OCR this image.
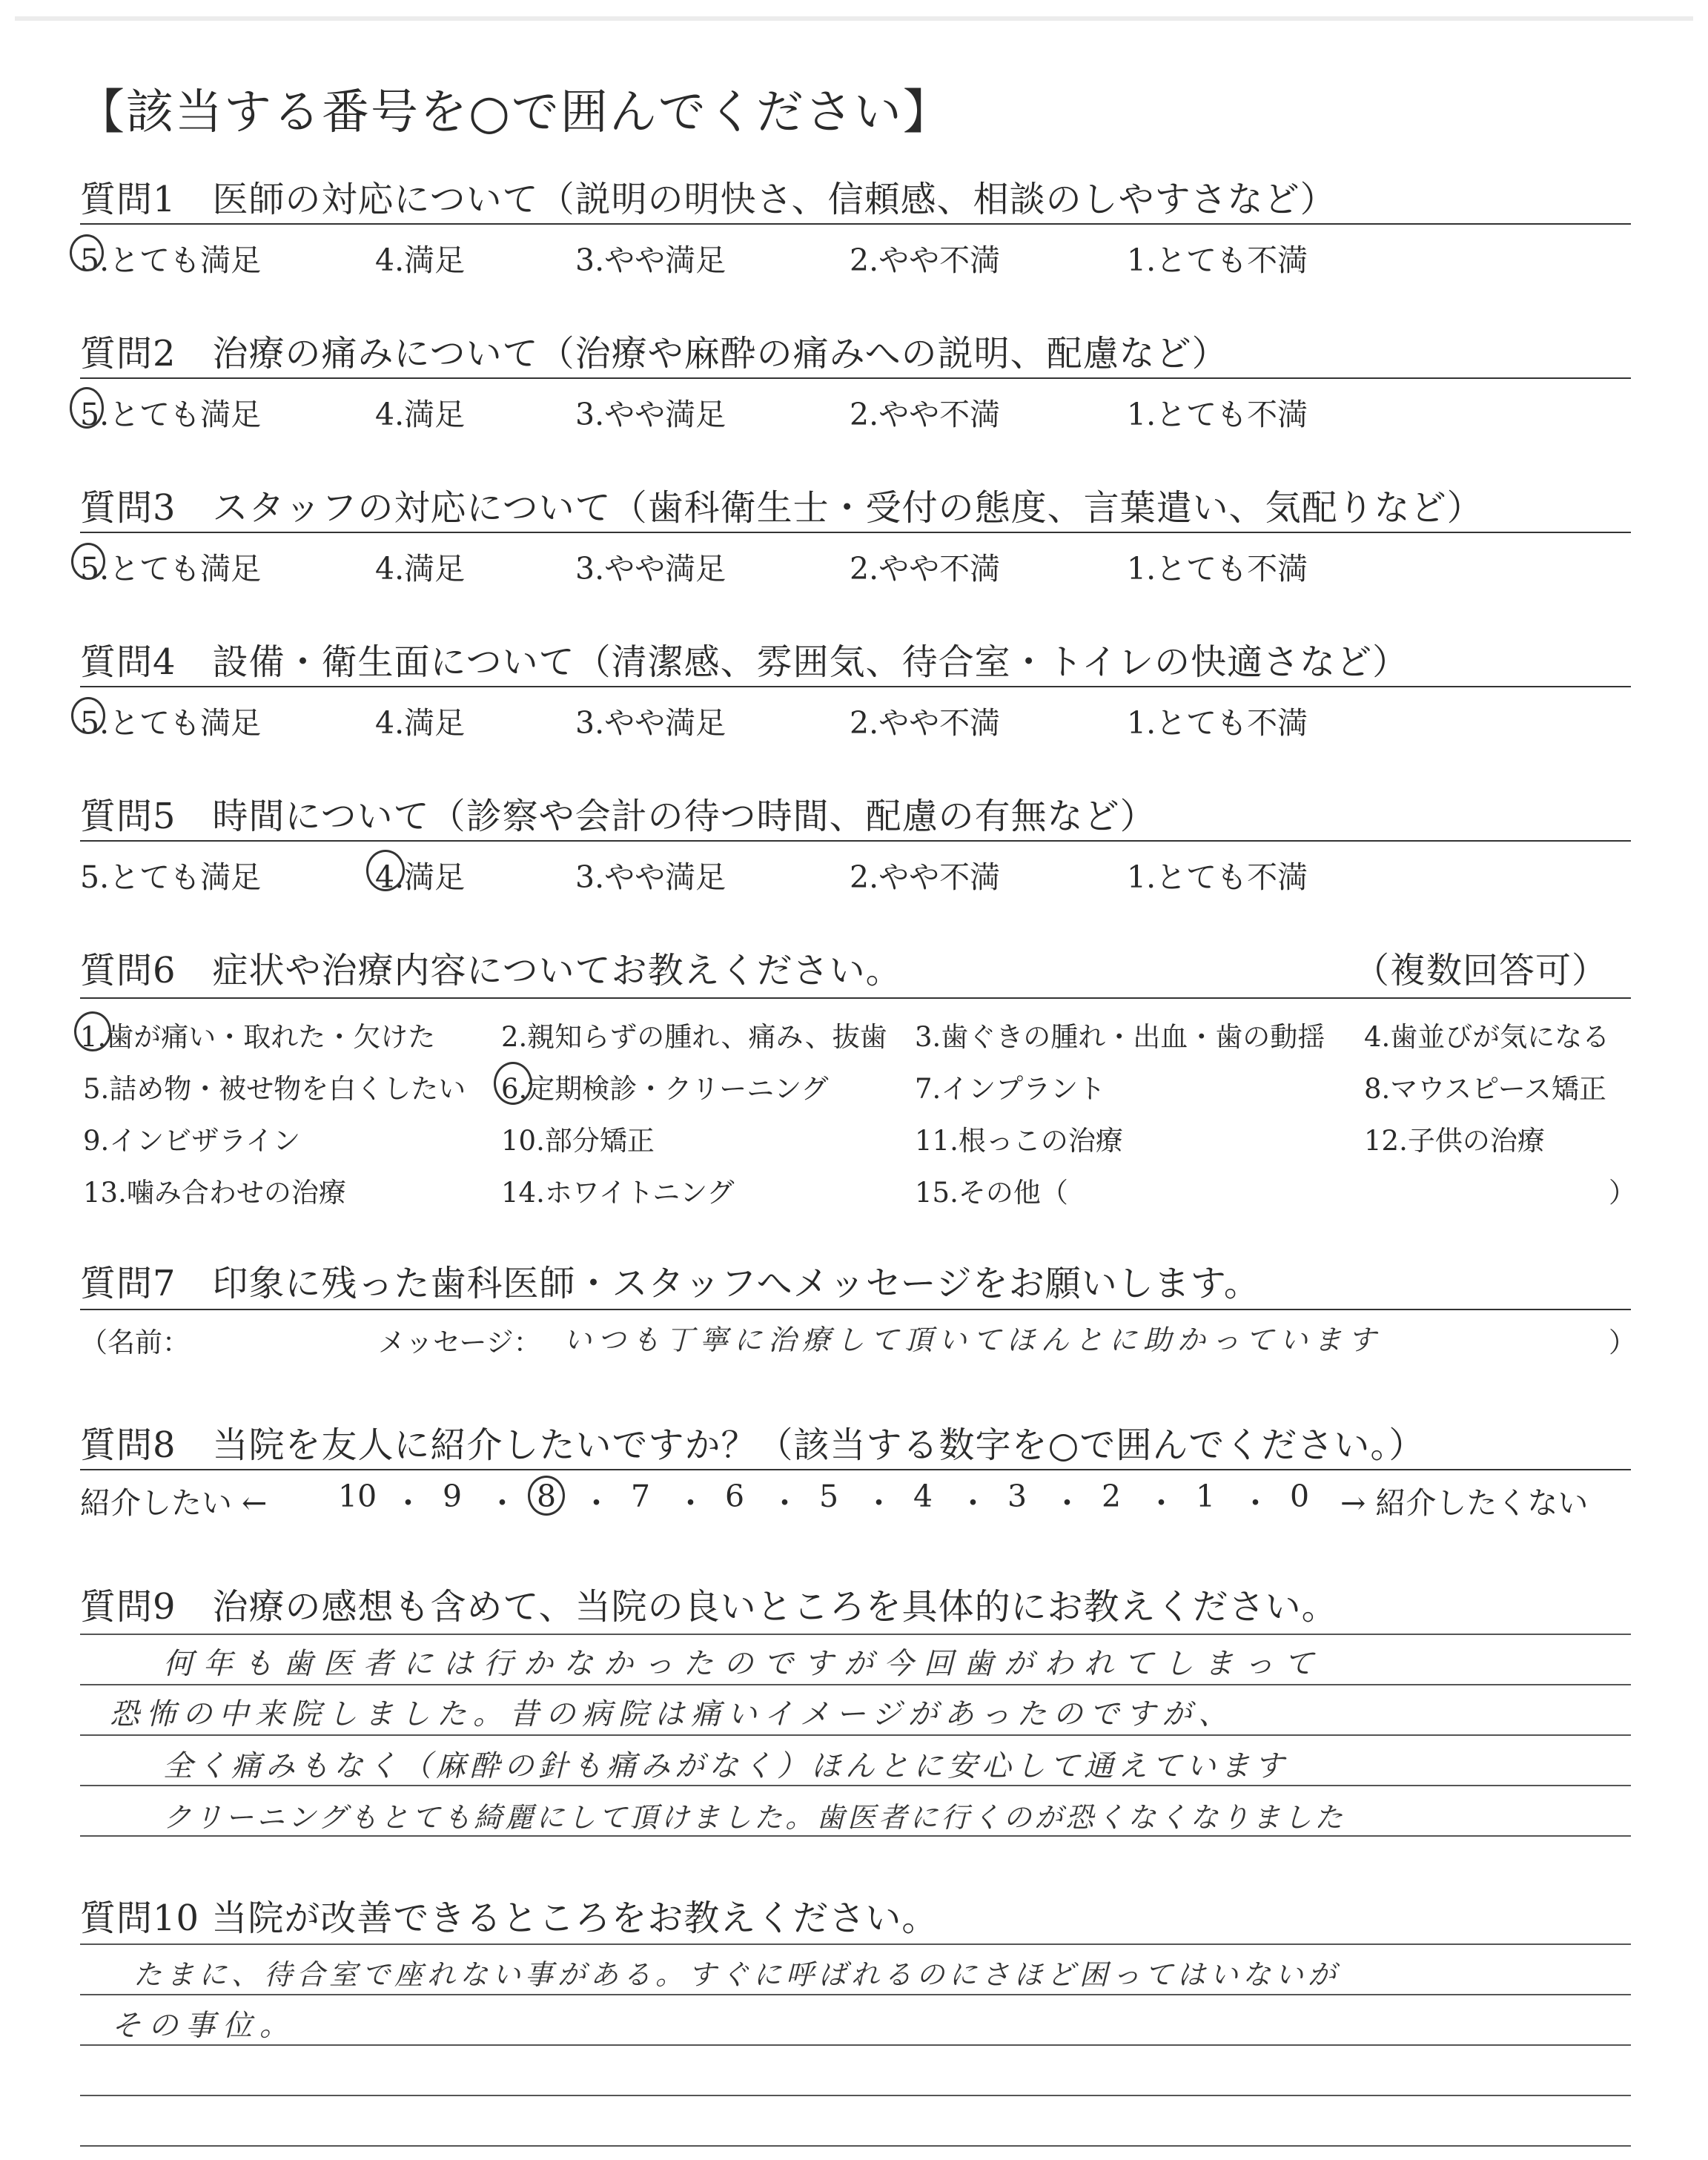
【該当する番号を○で囲んでください】
質問1　医師の対応について（説明の明快さ、信頼感、相談のしやすさなど）
5.とても満足	4.満足	3.やや満足	2.やや不満	1.とても不満
質問2　治療の痛みについて（治療や麻酔の痛みへの説明、配慮など）
5.とても満足	4.満足	3.やや満足	2.やや不満	1.とても不満
質問3　スタッフの対応について（歯科衛生士・受付の態度、言葉遣い、気配りなど）
5.とても満足	4.満足	3.やや満足	2.やや不満	1.とても不満
質問4　設備・衛生面について（清潔感、雰囲気、待合室・トイレの快適さなど）
5.とても満足	4.満足	3.やや満足	2.やや不満	1.とても不満
質問5　時間について（診察や会計の待つ時間、配慮の有無など）
5.とても満足	4.満足	3.やや満足	2.やや不満	1.とても不満
質問6　症状や治療内容についてお教えください。	（複数回答可）
1.歯が痛い・取れた・欠けた 2.親知らずの腫れ、痛み、抜歯 3.歯ぐきの腫れ・出血・歯の動揺 4.歯並びが気になる
5.詰め物・被せ物を白くしたい 6.定期検診・クリーニング	7.インプラント	8.マウスピース矯正
9.インビザライン	10.部分矯正	11.根っこの治療	12.子供の治療
13.噛み合わせの治療	14.ホワイトニング	15.その他（	）
質問7　印象に残った歯科医師・スタッフへメッセージをお願いします。
（名前：	メッセージ： いつも丁寧に治療して頂いてほんとに助かっています	）
質問8　当院を友人に紹介したいですか？（該当する数字を○で囲んでください。）
紹介したい ← 10 ・ 9 ・ 8 ・ 7 ・ 6 ・ 5 ・ 4 ・ 3 ・ 2 ・ 1 ・ 0 → 紹介したくない
質問9　治療の感想も含めて、当院の良いところを具体的にお教えください。
何年も歯医者には行かなかったのですが今回歯がわれてしまって
恐怖の中来院しました。昔の病院は痛いイメージがあったのですが、
全く痛みもなく（麻酔の針も痛みがなく）ほんとに安心して通えています
クリーニングもとても綺麗にして頂けました。歯医者に行くのが恐くなくなりました
質問10 当院が改善できるところをお教えください。
たまに、待合室で座れない事がある。すぐに呼ばれるのにさほど困ってはいないが
その事位。
